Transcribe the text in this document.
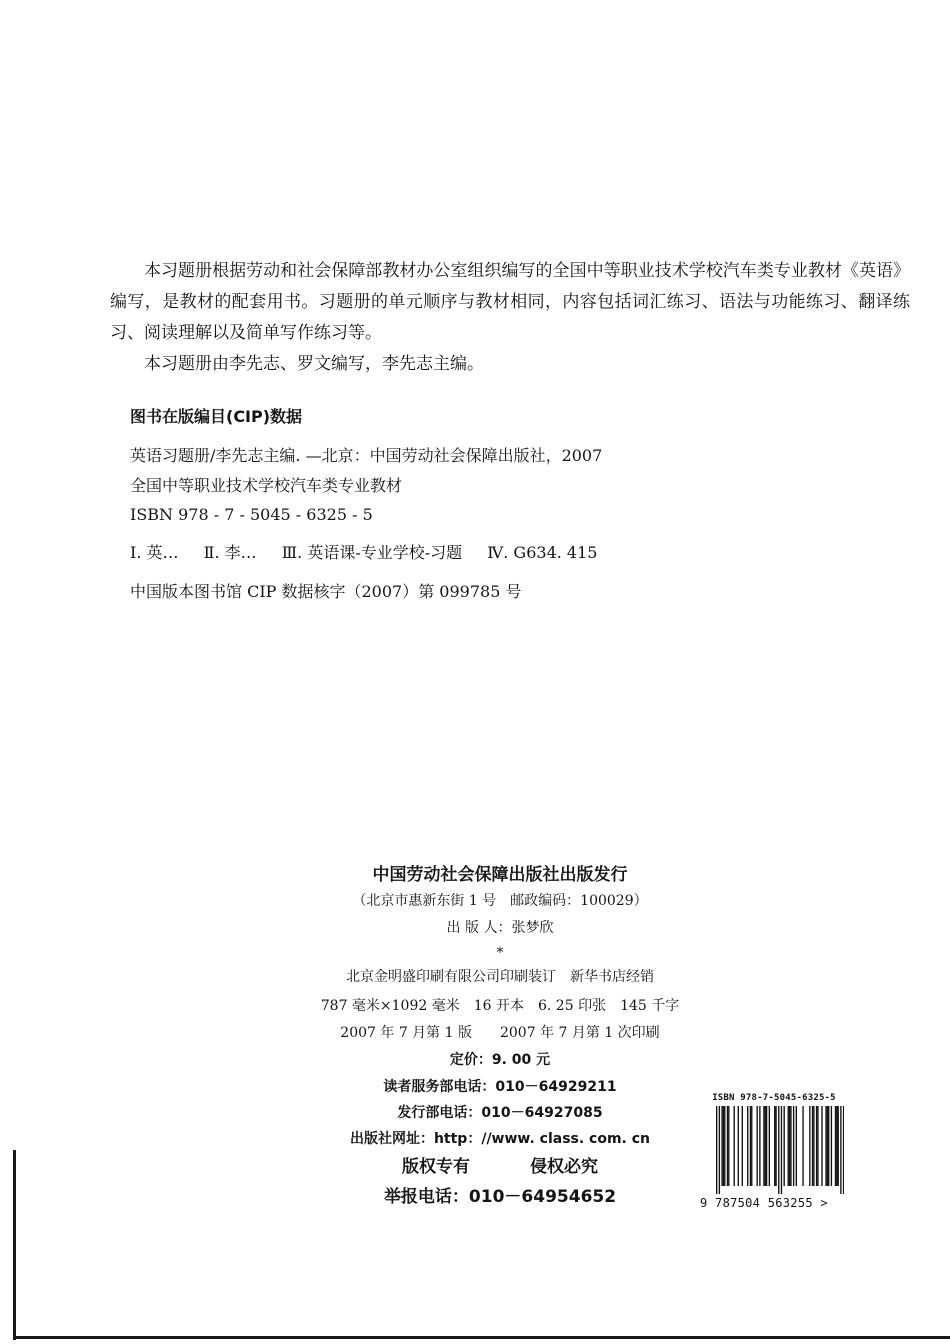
本习题册根据劳动和社会保障部教材办公室组织编写的全国中等职业技术学校汽车类专业教材《英语》编写，是教材的配套用书。习题册的单元顺序与教材相同，内容包括词汇练习、语法与功能练习、翻译练习、阅读理解以及简单写作练习等。

本习题册由李先志、罗文编写，李先志主编。

图书在版编目(CIP)数据
英语习题册/李先志主编. —北京：中国劳动社会保障出版社，2007
全国中等职业技术学校汽车类专业教材
ISBN 978 - 7 - 5045 - 6325 - 5
Ⅰ. 英… Ⅱ. 李… Ⅲ. 英语课-专业学校-习题 Ⅳ. G634. 415
中国版本图书馆 CIP 数据核字（2007）第 099785 号
中国劳动社会保障出版社出版发行
（北京市惠新东街 1 号　邮政编码：100029）
出 版 人：张梦欣
*
北京金明盛印刷有限公司印刷装订　新华书店经销
787 毫米×1092 毫米　16 开本　6. 25 印张　145 千字
2007 年 7 月第 1 版　　2007 年 7 月第 1 次印刷
定价：9. 00 元
读者服务部电话：010－64929211
发行部电话：010－64927085
出版社网址：http：//www. class. com. cn
版权专有	侵权必究
举报电话：010－64954652
ISBN 978-7-5045-6325-5
9 787504 563255 >
